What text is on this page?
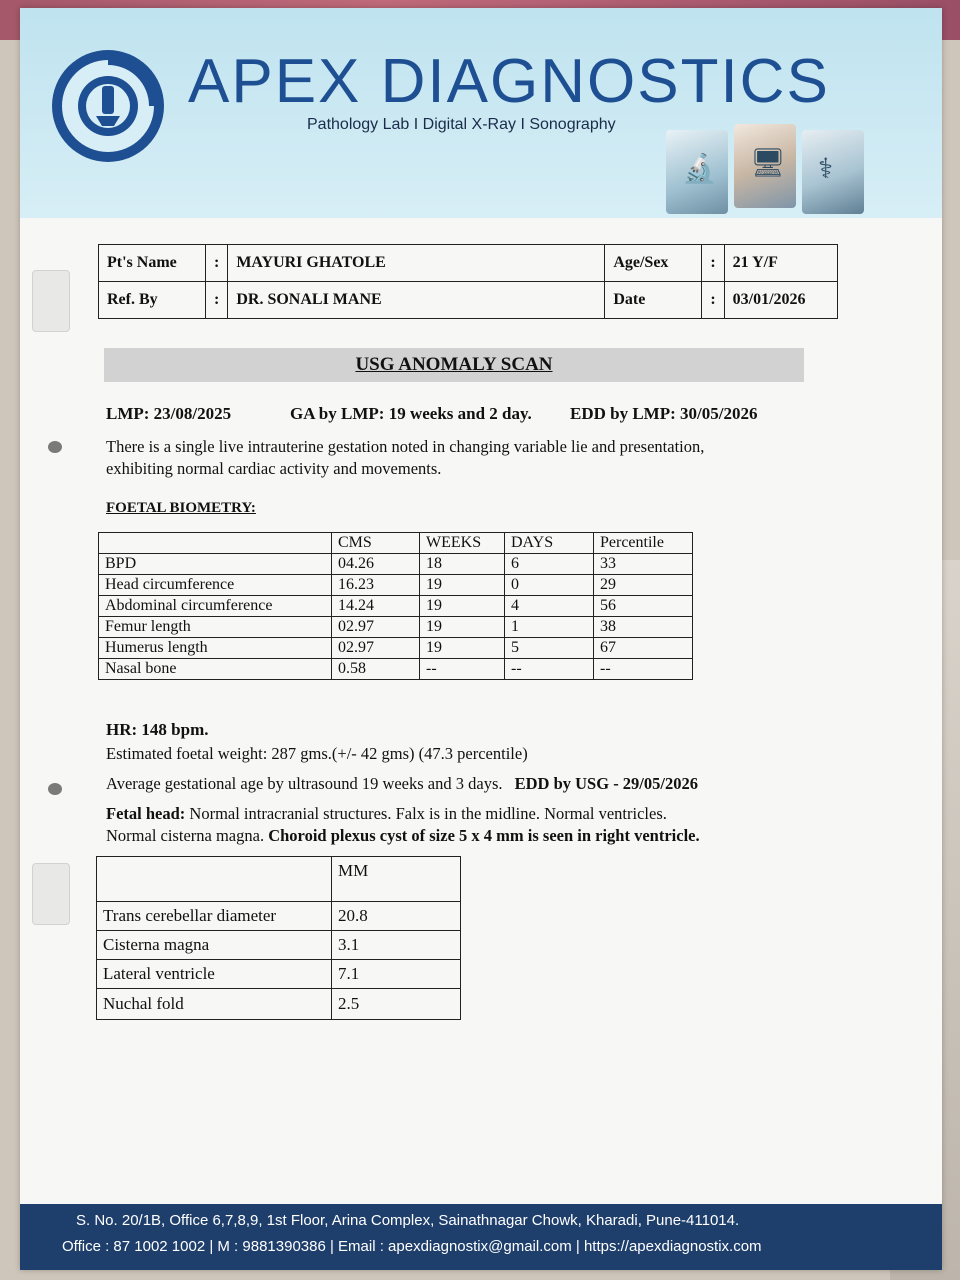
APEX DIAGNOSTICS
Pathology Lab I Digital X-Ray I Sonography
🔬 🖥 ⚕
Pt's Name	:	MAYURI GHATOLE	Age/Sex	:	21 Y/F
Ref. By	:	DR. SONALI MANE	Date	:	03/01/2026
USG ANOMALY SCAN
LMP: 23/08/2025	GA by LMP: 19 weeks and 2 day. EDD by LMP: 30/05/2026
There is a single live intrauterine gestation noted in changing variable lie and presentation,
exhibiting normal cardiac activity and movements.
FOETAL BIOMETRY:
	CMS	WEEKS	DAYS	Percentile
BPD	04.26	18	6	33
Head circumference	16.23	19	0	29
Abdominal circumference	14.24	19	4	56
Femur length	02.97	19	1	38
Humerus length	02.97	19	5	67
Nasal bone	0.58	--	--	--
HR: 148 bpm.
Estimated foetal weight: 287 gms.(+/- 42 gms) (47.3 percentile)
Average gestational age by ultrasound 19 weeks and 3 days. EDD by USG - 29/05/2026
Fetal head: Normal intracranial structures. Falx is in the midline. Normal ventricles.
Normal cisterna magna. Choroid plexus cyst of size 5 x 4 mm is seen in right ventricle.
	MM
Trans cerebellar diameter	20.8
Cisterna magna	3.1
Lateral ventricle	7.1
Nuchal fold	2.5
S. No. 20/1B, Office 6,7,8,9, 1st Floor, Arina Complex, Sainathnagar Chowk, Kharadi, Pune-411014.
Office : 87 1002 1002 | M : 9881390386 | Email : apexdiagnostix@gmail.com | https://apexdiagnostix.com
